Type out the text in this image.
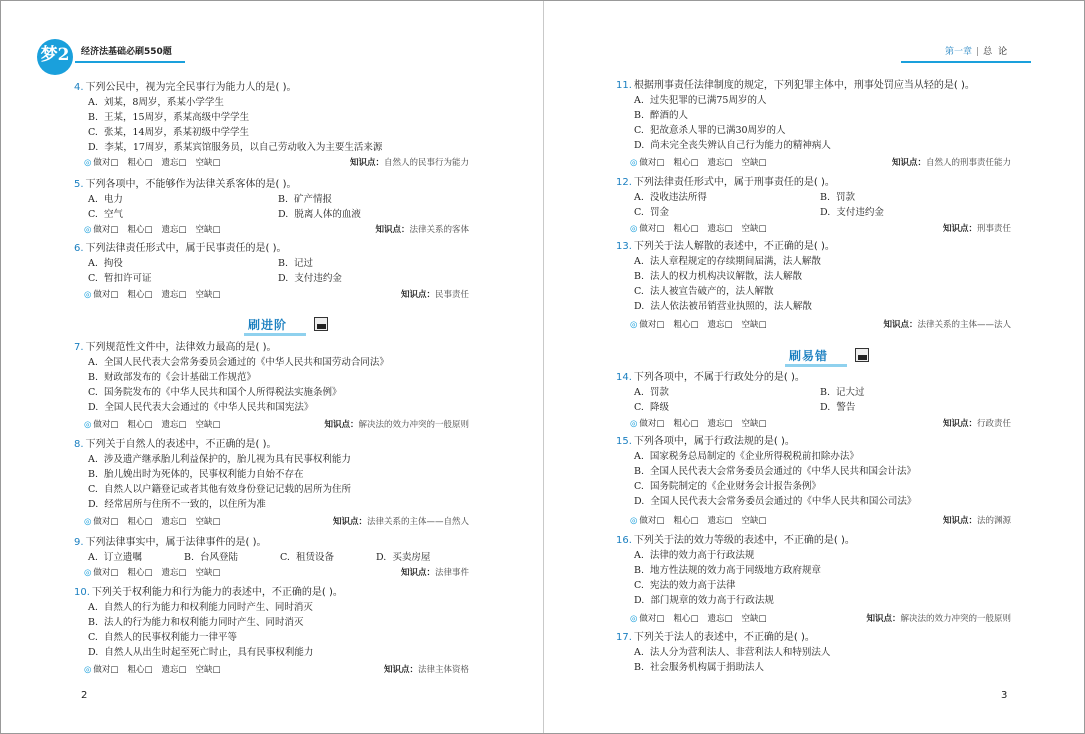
梦2	经济法基础必刷550题	第一章 | 总论
4. 下列公民中，视为完全民事行为能力人的是( )。
A. 刘某，8周岁，系某小学学生
B. 王某，15周岁，系某高级中学学生
C. 张某，14周岁，系某初级中学学生
D. 李某，17周岁，系某宾馆服务员，以自己劳动收入为主要生活来源
◎ 做对□ 粗心□ 遗忘□ 空缺□	知识点：自然人的民事行为能力
5. 下列各项中，不能够作为法律关系客体的是( )。
A. 电力	B. 矿产情报
C. 空气	D. 脱离人体的血液
◎ 做对□ 粗心□ 遗忘□ 空缺□	知识点：法律关系的客体
6. 下列法律责任形式中，属于民事责任的是( )。
A. 拘役	B. 记过
C. 暂扣许可证	D. 支付违约金
◎ 做对□ 粗心□ 遗忘□ 空缺□	知识点：民事责任
7. 下列规范性文件中，法律效力最高的是( )。
A. 全国人民代表大会常务委员会通过的《中华人民共和国劳动合同法》
B. 财政部发布的《会计基础工作规范》
C. 国务院发布的《中华人民共和国个人所得税法实施条例》
D. 全国人民代表大会通过的《中华人民共和国宪法》
◎ 做对□ 粗心□ 遗忘□ 空缺□	知识点：解决法的效力冲突的一般原则
8. 下列关于自然人的表述中，不正确的是( )。
A. 涉及遗产继承胎儿利益保护的，胎儿视为具有民事权利能力
B. 胎儿娩出时为死体的，民事权利能力自始不存在
C. 自然人以户籍登记或者其他有效身份登记记载的居所为住所
D. 经常居所与住所不一致的，以住所为准
◎ 做对□ 粗心□ 遗忘□ 空缺□	知识点：法律关系的主体——自然人
9. 下列法律事实中，属于法律事件的是( )。
A. 订立遗嘱	B. 台风登陆	C. 租赁设备	D. 买卖房屋
◎ 做对□ 粗心□ 遗忘□ 空缺□	知识点：法律事件
10. 下列关于权利能力和行为能力的表述中，不正确的是( )。
A. 自然人的行为能力和权利能力同时产生、同时消灭
B. 法人的行为能力和权利能力同时产生、同时消灭
C. 自然人的民事权利能力一律平等
D. 自然人从出生时起至死亡时止，具有民事权利能力
◎ 做对□ 粗心□ 遗忘□ 空缺□	知识点：法律主体资格
刷进阶
11. 根据刑事责任法律制度的规定，下列犯罪主体中，刑事处罚应当从轻的是( )。
A. 过失犯罪的已满75周岁的人
B. 醉酒的人
C. 犯故意杀人罪的已满30周岁的人
D. 尚未完全丧失辨认自己行为能力的精神病人
◎ 做对□ 粗心□ 遗忘□ 空缺□	知识点：自然人的刑事责任能力
12. 下列法律责任形式中，属于刑事责任的是( )。
A. 没收违法所得	B. 罚款
C. 罚金	D. 支付违约金
◎ 做对□ 粗心□ 遗忘□ 空缺□	知识点：刑事责任
13. 下列关于法人解散的表述中，不正确的是( )。
A. 法人章程规定的存续期间届满，法人解散
B. 法人的权力机构决议解散，法人解散
C. 法人被宣告破产的，法人解散
D. 法人依法被吊销营业执照的，法人解散
◎ 做对□ 粗心□ 遗忘□ 空缺□	知识点：法律关系的主体——法人
14. 下列各项中，不属于行政处分的是( )。
A. 罚款	B. 记大过
C. 降级	D. 警告
◎ 做对□ 粗心□ 遗忘□ 空缺□	知识点：行政责任
15. 下列各项中，属于行政法规的是( )。
A. 国家税务总局制定的《企业所得税税前扣除办法》
B. 全国人民代表大会常务委员会通过的《中华人民共和国会计法》
C. 国务院制定的《企业财务会计报告条例》
D. 全国人民代表大会常务委员会通过的《中华人民共和国公司法》
◎ 做对□ 粗心□ 遗忘□ 空缺□	知识点：法的渊源
16. 下列关于法的效力等级的表述中，不正确的是( )。
A. 法律的效力高于行政法规
B. 地方性法规的效力高于同级地方政府规章
C. 宪法的效力高于法律
D. 部门规章的效力高于行政法规
◎ 做对□ 粗心□ 遗忘□ 空缺□	知识点：解决法的效力冲突的一般原则
17. 下列关于法人的表述中，不正确的是( )。
A. 法人分为营利法人、非营利法人和特别法人
B. 社会服务机构属于捐助法人
刷易错
2	3
